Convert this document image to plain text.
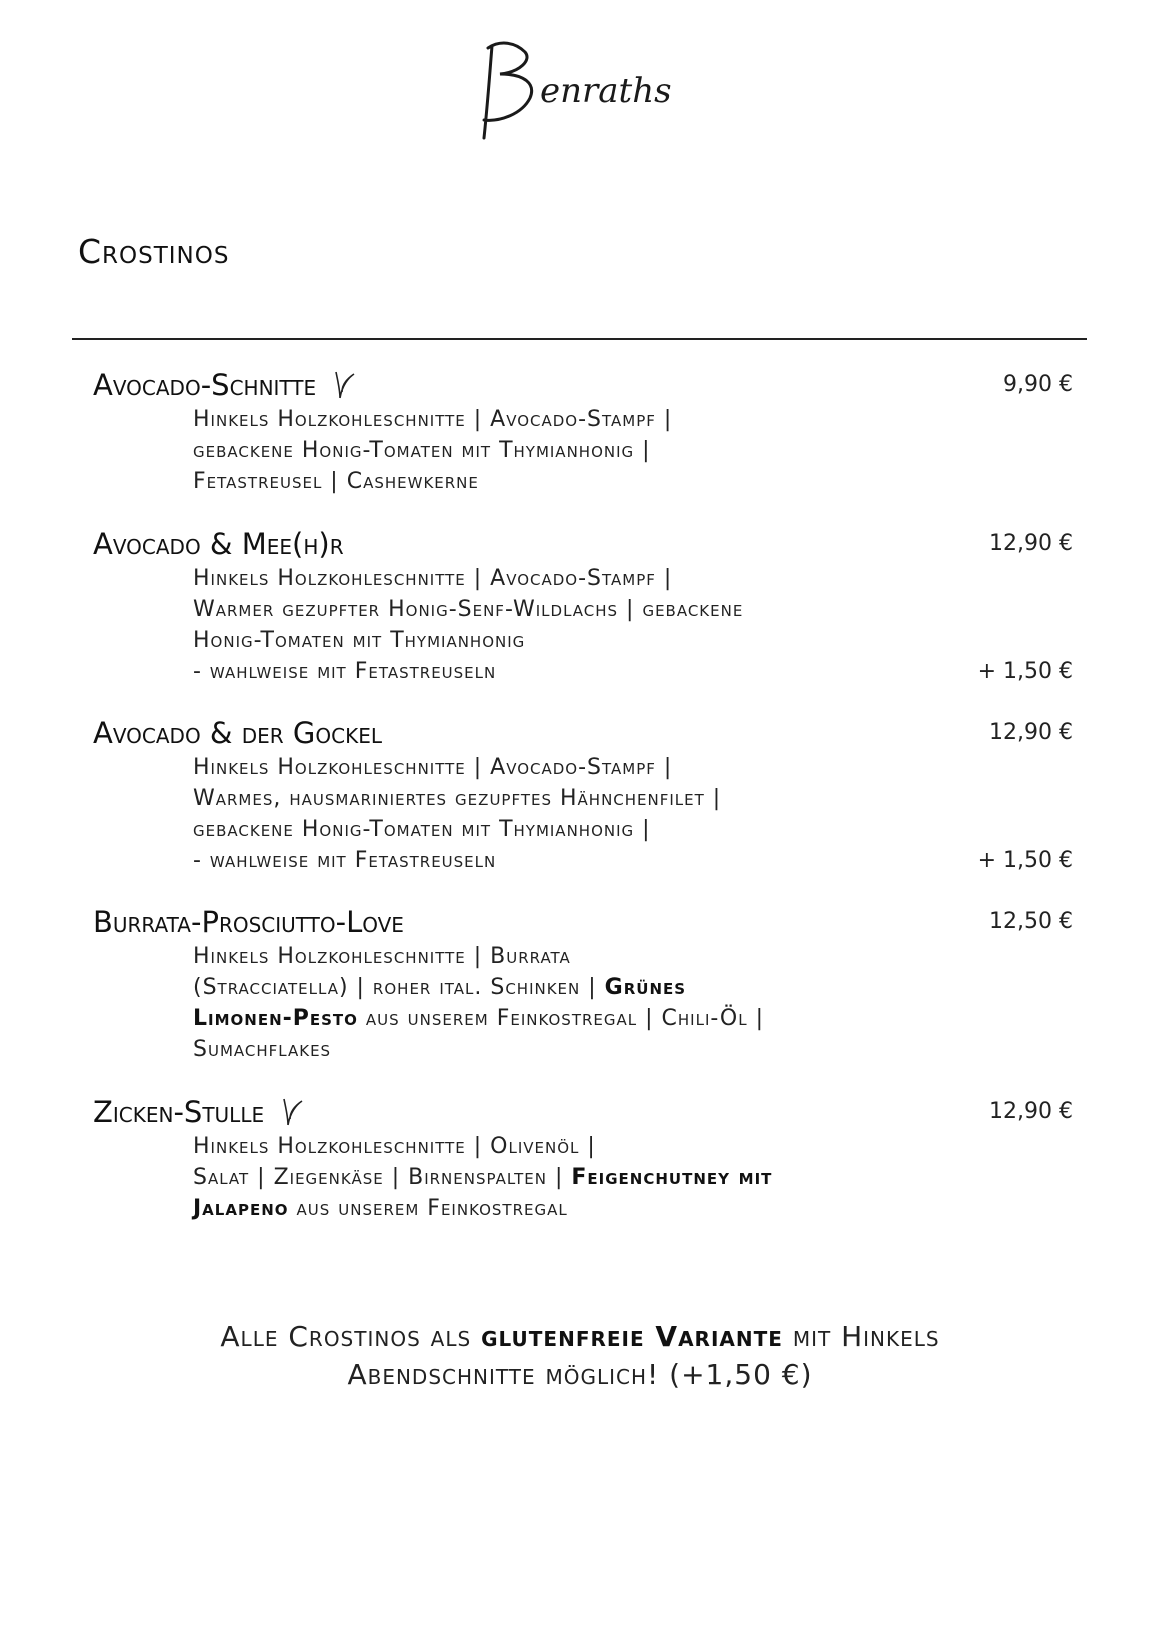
enraths
Crostinos
Avocado-Schnitte	9,90 €
Hinkels Holzkohleschnitte | Avocado-Stampf |
gebackene Honig-Tomaten mit Thymianhonig |
Fetastreusel | Cashewkerne
Avocado & Mee(h)r	12,90 €
Hinkels Holzkohleschnitte | Avocado-Stampf |
Warmer gezupfter Honig-Senf-Wildlachs | gebackene
Honig-Tomaten mit Thymianhonig
- wahlweise mit Fetastreuseln	+ 1,50 €
Avocado & der Gockel	12,90 €
Hinkels Holzkohleschnitte | Avocado-Stampf |
Warmes, hausmariniertes gezupftes Hähnchenfilet |
gebackene Honig-Tomaten mit Thymianhonig |
- wahlweise mit Fetastreuseln	+ 1,50 €
Burrata-Prosciutto-Love	12,50 €
Hinkels Holzkohleschnitte | Burrata
(Stracciatella) | roher ital. Schinken | Grünes
Limonen-Pesto aus unserem Feinkostregal | Chili-Öl |
Sumachflakes
Zicken-Stulle	12,90 €
Hinkels Holzkohleschnitte | Olivenöl |
Salat | Ziegenkäse | Birnenspalten | Feigenchutney mit
Jalapeno aus unserem Feinkostregal
Alle Crostinos als glutenfreie Variante mit Hinkels
Abendschnitte möglich! (+1,50 €)
